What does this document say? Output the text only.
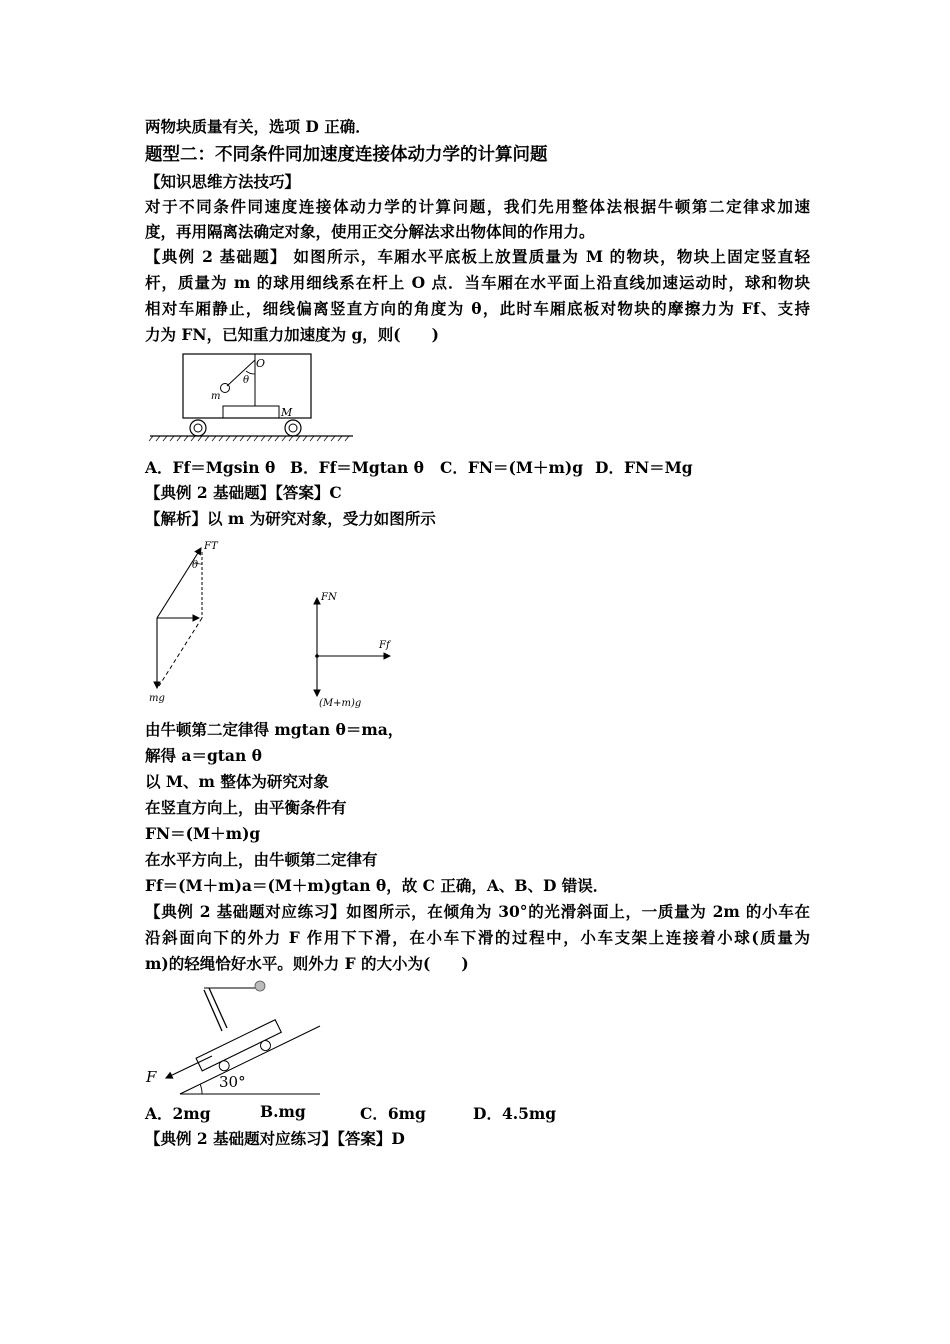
两物块质量有关，选项 D 正确．
题型二：不同条件同加速度连接体动力学的计算问题
【知识思维方法技巧】
对于不同条件同速度连接体动力学的计算问题，我们先用整体法根据牛顿第二定律求加速
度，再用隔离法确定对象，使用正交分解法求出物体间的作用力。
【典例 2 基础题】 如图所示，车厢水平底板上放置质量为 M 的物块，物块上固定竖直轻
杆，质量为 m 的球用细线系在杆上 O 点．当车厢在水平面上沿直线加速运动时，球和物块
相对车厢静止，细线偏离竖直方向的角度为 θ，此时车厢底板对物块的摩擦力为 Ff、支持
力为 FN，已知重力加速度为 g，则(　　)
O
θ
m
M
A．Ff＝Mgsin θ B．Ff＝Mgtan θ C．FN＝(M＋m)g D．FN＝Mg
【典例 2 基础题】【答案】C
【解析】以 m 为研究对象，受力如图所示
FT
θ
mg
FN
Ff
(M+m)g
由牛顿第二定律得 mgtan θ＝ma，
解得 a＝gtan θ
以 M、m 整体为研究对象
在竖直方向上，由平衡条件有
FN＝(M＋m)g
在水平方向上，由牛顿第二定律有
Ff＝(M＋m)a＝(M＋m)gtan θ，故 C 正确，A、B、D 错误．
【典例 2 基础题对应练习】如图所示，在倾角为 30°的光滑斜面上，一质量为 2m 的小车在
沿斜面向下的外力 F 作用下下滑，在小车下滑的过程中，小车支架上连接着小球(质量为
m)的轻绳恰好水平。则外力 F 的大小为(　　)
F	30°
A．2mg	B.mg	C．6mg	D．4.5mg
【典例 2 基础题对应练习】【答案】D
